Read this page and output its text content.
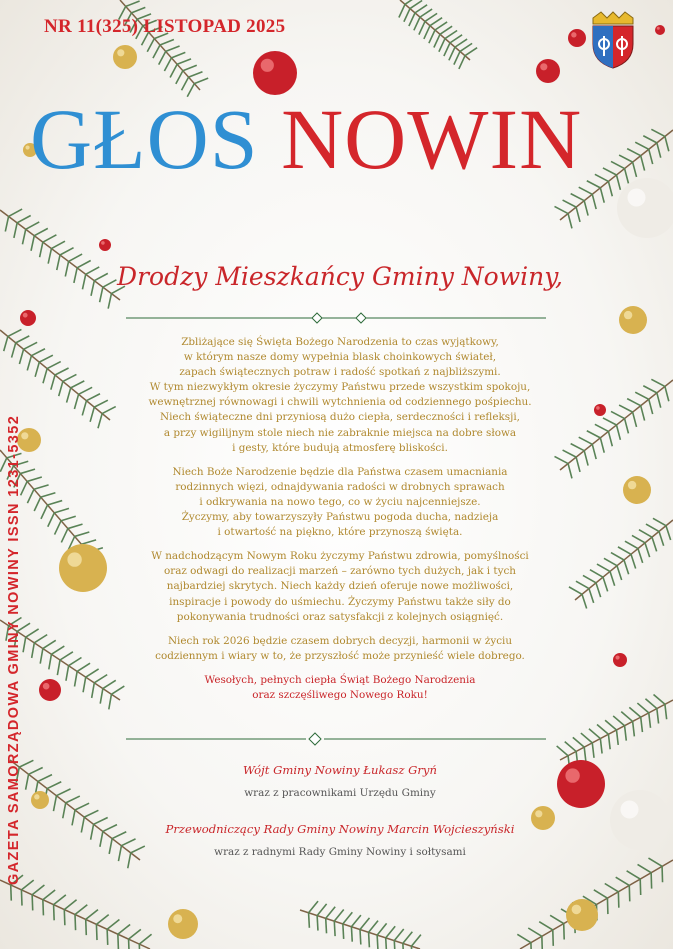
NR 11(325) LISTOPAD 2025
GŁOS NOWIN
GAZETA SAMORZĄDOWA GMINY NOWINY ISSN 1231-5352
Drodzy Mieszkańcy Gminy Nowiny,

Zbliżające się Święta Bożego Narodzenia to czas wyjątkowy,
w którym nasze domy wypełnia blask choinkowych świateł,
zapach świątecznych potraw i radość spotkań z najbliższymi.
W tym niezwykłym okresie życzymy Państwu przede wszystkim spokoju,
wewnętrznej równowagi i chwili wytchnienia od codziennego pośpiechu.
Niech świąteczne dni przyniosą dużo ciepła, serdeczności i refleksji,
a przy wigilijnym stole niech nie zabraknie miejsca na dobre słowa
i gesty, które budują atmosferę bliskości.

Niech Boże Narodzenie będzie dla Państwa czasem umacniania
rodzinnych więzi, odnajdywania radości w drobnych sprawach
i odkrywania na nowo tego, co w życiu najcenniejsze.
Życzymy, aby towarzyszyły Państwu pogoda ducha, nadzieja
i otwartość na piękno, które przynoszą święta.

W nadchodzącym Nowym Roku życzymy Państwu zdrowia, pomyślności
oraz odwagi do realizacji marzeń – zarówno tych dużych, jak i tych
najbardziej skrytych. Niech każdy dzień oferuje nowe możliwości,
inspiracje i powody do uśmiechu. Życzymy Państwu także siły do
pokonywania trudności oraz satysfakcji z kolejnych osiągnięć.

Niech rok 2026 będzie czasem dobrych decyzji, harmonii w życiu
codziennym i wiary w to, że przyszłość może przynieść wiele dobrego.

Wesołych, pełnych ciepła Świąt Bożego Narodzenia
oraz szczęśliwego Nowego Roku!

Wójt Gminy Nowiny Łukasz Gryń
wraz z pracownikami Urzędu Gminy
Przewodniczący Rady Gminy Nowiny Marcin Wojcieszyński
wraz z radnymi Rady Gminy Nowiny i sołtysami
